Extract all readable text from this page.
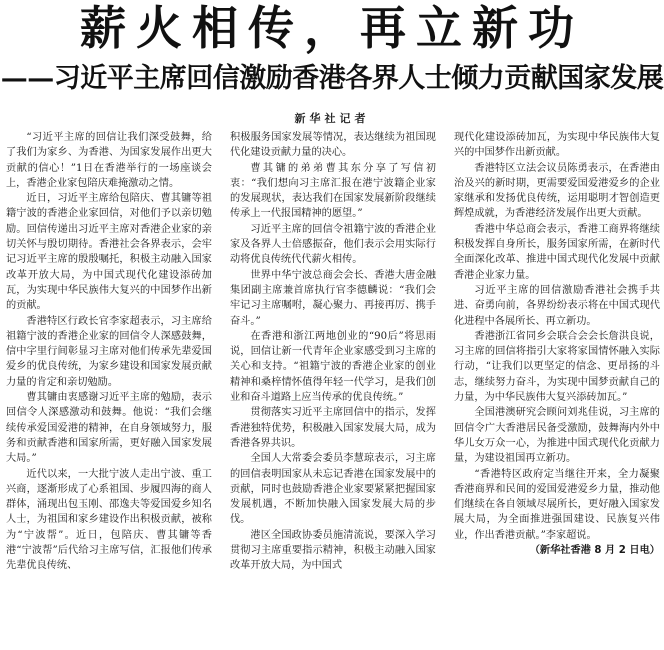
薪火相传，再立新功
——习近平主席回信激励香港各界人士倾力贡献国家发展
新华社记者

“习近平主席的回信让我们深受鼓舞，给了我们为家乡、为香港、为国家发展作出更大贡献的信心！”1日在香港举行的一场座谈会上，香港企业家包陪庆难掩激动之情。

近日，习近平主席给包陪庆、曹其镛等祖籍宁波的香港企业家回信，对他们予以亲切勉励。回信传递出习近平主席对香港企业家的亲切关怀与殷切期待。香港社会各界表示，会牢记习近平主席的殷殷嘱托，积极主动融入国家改革开放大局，为中国式现代化建设添砖加瓦，为实现中华民族伟大复兴的中国梦作出新的贡献。

香港特区行政长官李家超表示，习主席给祖籍宁波的香港企业家的回信令人深感鼓舞，信中字里行间彰显习主席对他们传承先辈爱国爱乡的优良传统，为家乡建设和国家发展贡献力量的肯定和亲切勉励。

曹其镛由衷感谢习近平主席的勉励，表示回信令人深感激动和鼓舞。他说：“我们会继续传承爱国爱港的精神，在自身领域努力，服务和贡献香港和国家所需，更好融入国家发展大局。”

近代以来，一大批宁波人走出宁波、重工兴商，逐渐形成了心系祖国、步履四海的商人群体，涌现出包玉刚、邵逸夫等爱国爱乡知名人士，为祖国和家乡建设作出积极贡献，被称为“宁波帮”。近日，包陪庆、曹其镛等香港“宁波帮”后代给习主席写信，汇报他们传承先辈优良传统、

积极服务国家发展等情况，表达继续为祖国现代化建设贡献力量的决心。

曹其镛的弟弟曹其东分享了写信初衷：“我们想向习主席汇报在港宁波籍企业家的发展现状，表达我们在国家发展新阶段继续传承上一代报国精神的愿望。”

习近平主席的回信令祖籍宁波的香港企业家及各界人士倍感振奋，他们表示会用实际行动将优良传统代代薪火相传。

世界中华宁波总商会会长、香港大唐金融集团副主席兼首席执行官李德麟说：“我们会牢记习主席嘱咐，凝心聚力、再接再厉、携手奋斗。”

在香港和浙江两地创业的“90后”将思雨说，回信让新一代青年企业家感受到习主席的关心和支持。“祖籍宁波的香港企业家的创业精神和桑梓情怀值得年轻一代学习，是我们创业和奋斗道路上应当传承的优良传统。”

贯彻落实习近平主席回信中的指示，发挥香港独特优势，积极融入国家发展大局，成为香港各界共识。

全国人大常委会委员李慧琼表示，习主席的回信表明国家从未忘记香港在国家发展中的贡献，同时也鼓励香港企业家要紧紧把握国家发展机遇，不断加快融入国家发展大局的步伐。

港区全国政协委员施清流说，要深入学习贯彻习主席重要指示精神，积极主动融入国家改革开放大局，为中国式

现代化建设添砖加瓦，为实现中华民族伟大复兴的中国梦作出新贡献。

香港特区立法会议员陈勇表示，在香港由治及兴的新时期，更需要爱国爱港爱乡的企业家继承和发扬优良传统，运用聪明才智创造更辉煌成就，为香港经济发展作出更大贡献。

香港中华总商会表示，香港工商界将继续积极发挥自身所长，服务国家所需，在新时代全面深化改革、推进中国式现代化发展中贡献香港企业家力量。

习近平主席的回信激励香港社会携手共进、奋勇向前，各界纷纷表示将在中国式现代化进程中各展所长、再立新功。

香港浙江省同乡会联合会会长詹洪良说，习主席的回信将指引大家将家国情怀融入实际行动，“让我们以更坚定的信念、更昂扬的斗志，继续努力奋斗，为实现中国梦贡献自己的力量，为中华民族伟大复兴添砖加瓦。”

全国港澳研究会顾问刘兆佳说，习主席的回信令广大香港居民备受激励，鼓舞海内外中华儿女万众一心，为推进中国式现代化贡献力量，为建设祖国再立新功。

“香港特区政府定当继往开来，全力凝聚香港商界和民间的爱国爱港爱乡力量，推动他们继续在各自领域尽展所长，更好融入国家发展大局，为全面推进强国建设、民族复兴伟业，作出香港贡献。”李家超说。

（新华社香港 8 月 2 日电）
